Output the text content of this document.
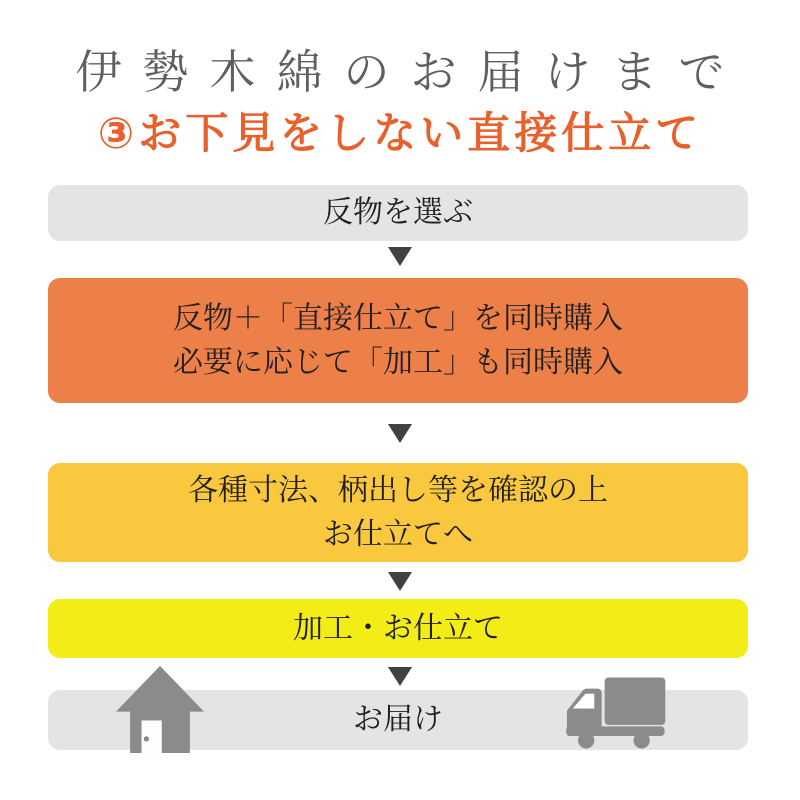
伊勢木綿のお届けまで
③お下見をしない直接仕立て
反物を選ぶ
反物＋「直接仕立て」を同時購入
必要に応じて「加工」も同時購入
各種寸法、柄出し等を確認の上
お仕立てへ
加工・お仕立て
お届け
